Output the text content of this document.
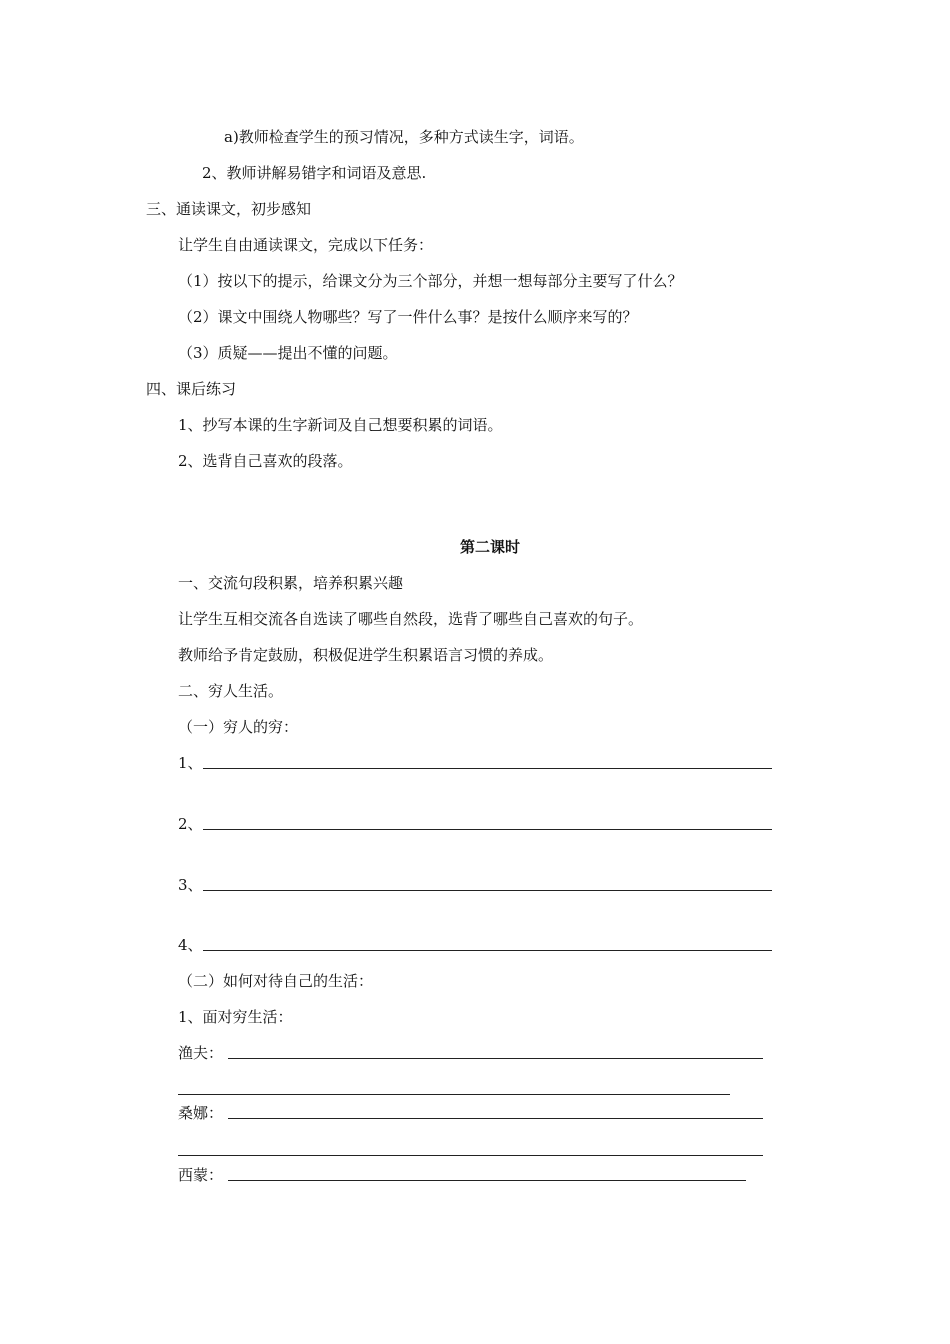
a)教师检查学生的预习情况，多种方式读生字，词语。
2、教师讲解易错字和词语及意思.
三、通读课文，初步感知
让学生自由通读课文，完成以下任务：
（1）按以下的提示，给课文分为三个部分，并想一想每部分主要写了什么？
（2）课文中围绕人物哪些？写了一件什么事？是按什么顺序来写的？
（3）质疑——提出不懂的问题。
四、课后练习
1、抄写本课的生字新词及自己想要积累的词语。
2、选背自己喜欢的段落。
第二课时
一、交流句段积累，培养积累兴趣
让学生互相交流各自选读了哪些自然段，选背了哪些自己喜欢的句子。
教师给予肯定鼓励，积极促进学生积累语言习惯的养成。
二、穷人生活。
（一）穷人的穷：
1、
2、
3、
4、
（二）如何对待自己的生活：
1、面对穷生活：
渔夫：
桑娜：
西蒙：
